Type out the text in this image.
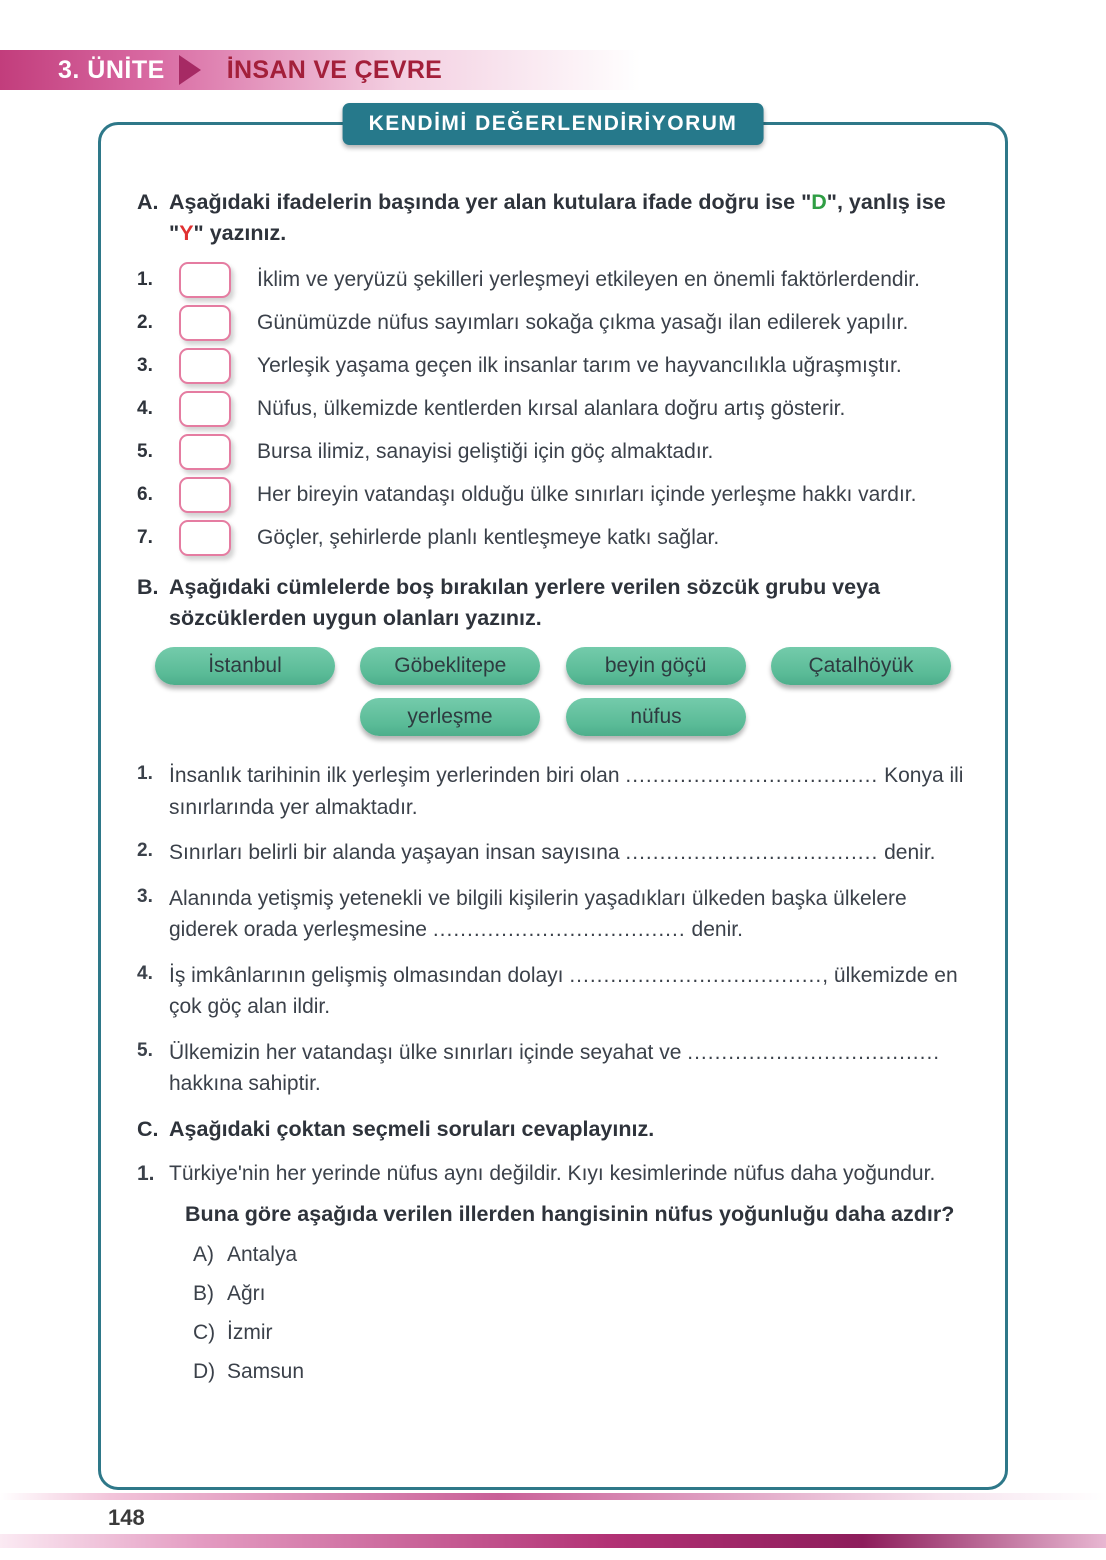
3. ÜNİTE İNSAN VE ÇEVRE
KENDİMİ DEĞERLENDİRİYORUM

A. Aşağıdaki ifadelerin başında yer alan kutulara ifade doğru ise "D", yanlış ise "Y" yazınız.

1.	İklim ve yeryüzü şekilleri yerleşmeyi etkileyen en önemli faktörlerdendir.
2.	Günümüzde nüfus sayımları sokağa çıkma yasağı ilan edilerek yapılır.
3.	Yerleşik yaşama geçen ilk insanlar tarım ve hayvancılıkla uğraşmıştır.
4.	Nüfus, ülkemizde kentlerden kırsal alanlara doğru artış gösterir.
5.	Bursa ilimiz, sanayisi geliştiği için göç almaktadır.
6.	Her bireyin vatandaşı olduğu ülke sınırları içinde yerleşme hakkı vardır.
7.	Göçler, şehirlerde planlı kentleşmeye katkı sağlar.

B. Aşağıdaki cümlelerde boş bırakılan yerlere verilen sözcük grubu veya sözcüklerden uygun olanları yazınız.

İstanbul	Göbeklitepe	beyin göçü	Çatalhöyük
yerleşme	nüfus

1. İnsanlık tarihinin ilk yerleşim yerlerinden biri olan ..................................... Konya ili sınırlarında yer almaktadır.

2. Sınırları belirli bir alanda yaşayan insan sayısına ..................................... denir.

3. Alanında yetişmiş yetenekli ve bilgili kişilerin yaşadıkları ülkeden başka ülkelere giderek orada yerleşmesine ..................................... denir.

4. İş imkânlarının gelişmiş olmasından dolayı ....................................., ülkemizde en çok göç alan ildir.

5. Ülkemizin her vatandaşı ülke sınırları içinde seyahat ve ..................................... hakkına sahiptir.

C. Aşağıdaki çoktan seçmeli soruları cevaplayınız.

1. Türkiye'nin her yerinde nüfus aynı değildir. Kıyı kesimlerinde nüfus daha yoğundur.

Buna göre aşağıda verilen illerden hangisinin nüfus yoğunluğu daha azdır?

A) Antalya
B) Ağrı
C) İzmir
D) Samsun
148
